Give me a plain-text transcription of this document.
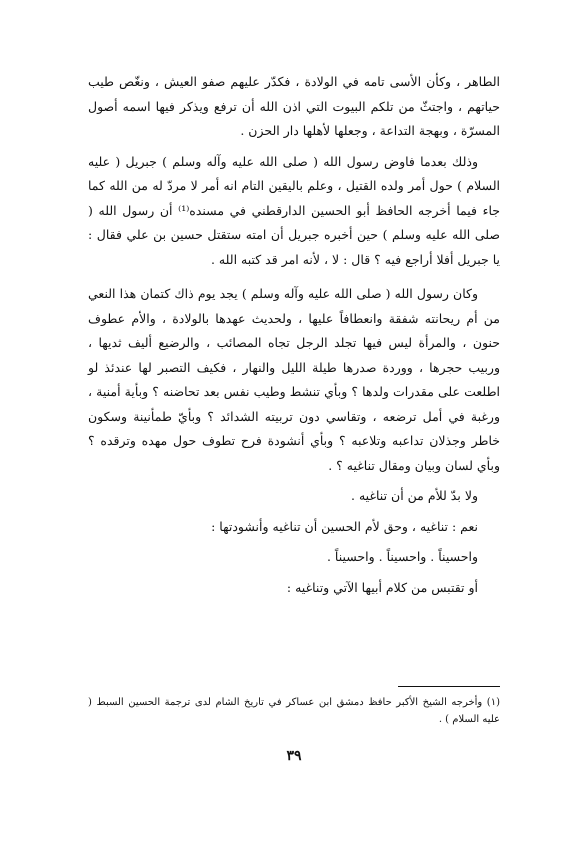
الطاهر ، وكأن الأسى تامه في الولادة ، فكدّر عليهم صفو العيش ، ونغّص طيب حياتهم ، واجتثّ من تلكم البيوت التي اذن الله أن ترفع ويذكر فيها اسمه أصول المسرّة ، وبهجة التداعة ، وجعلها لأهلها دار الحزن .

وذلك بعدما فاوض رسول الله ( صلى الله عليه وآله وسلم ) جبريل ( عليه السلام ) حول أمر ولده القتيل ، وعلم باليقين التام انه أمر لا مردّ له من الله كما جاء فيما أخرجه الحافظ أبو الحسين الدارقطني في مسنده⁽¹⁾ أن رسول الله ( صلى الله عليه وسلم ) حين أخبره جبريل أن امته ستقتل حسين بن علي فقال : يا جبريل أفلا أراجع فيه ؟ قال : لا ، لأنه امر قد كتبه الله .

وكان رسول الله ( صلى الله عليه وآله وسلم ) يجد يوم ذاك كتمان هذا النعي من أم ريحانته شفقة وانعطافاً عليها ، ولحديث عهدها بالولادة ، والأم عطوف حنون ، والمرأة ليس فيها تجلد الرجل تجاه المصائب ، والرضيع أليف ثديها ، وربيب حجرها ، ووردة صدرها طيلة الليل والنهار ، فكيف التصبر لها عندئذ لو اطلعت على مقدرات ولدها ؟ وبأي تنشط وطيب نفس بعد تحاضنه ؟ وبأية أمنية ، ورغبة في أمل ترضعه ، وتقاسي دون تربيته الشدائد ؟ وبأيّ طمأنينة وسكون خاطر وجذلان تداعبه وتلاعبه ؟ وبأي أنشودة فرح تطوف حول مهده وترقده ؟ وبأي لسان وبيان ومقال تناغيه ؟ .

ولا بدّ للأم من أن تناغيه .

نعم : تناغيه ، وحق لأم الحسين أن تناغيه وأنشودتها :

واحسيناً . واحسيناً . واحسيناً .

أو تقتبس من كلام أبيها الآتي وتناغيه :

(١) وأخرجه الشيخ الأكبر حافظ دمشق ابن عساكر في تاريخ الشام لدى ترجمة الحسين السبط ( عليه السلام ) .

٣٩
